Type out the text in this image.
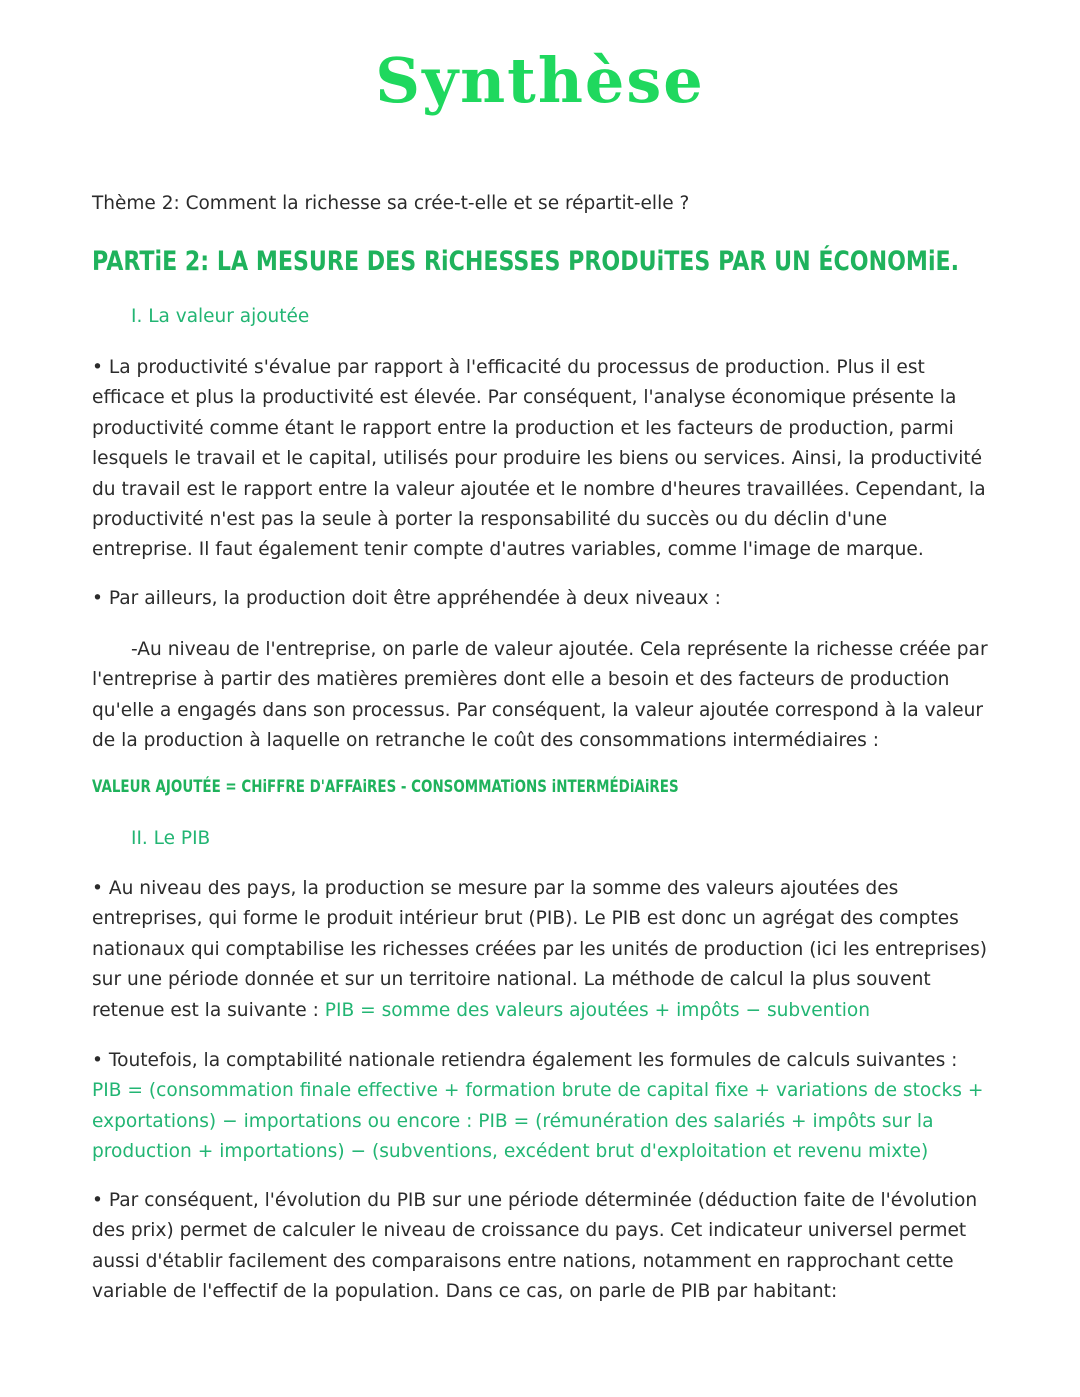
Synthèse
Thème 2: Comment la richesse sa crée-t-elle et se répartit-elle ?
PARTiE 2: LA MESURE DES RiCHESSES PRODUiTES PAR UN ÉCONOMiE.
I. La valeur ajoutée
• La productivité s'évalue par rapport à l'efficacité du processus de production. Plus il est efficace et plus la productivité est élevée. Par conséquent, l'analyse économique présente la productivité comme étant le rapport entre la production et les facteurs de production, parmi lesquels le travail et le capital, utilisés pour produire les biens ou services. Ainsi, la productivité du travail est le rapport entre la valeur ajoutée et le nombre d'heures travaillées. Cependant, la productivité n'est pas la seule à porter la responsabilité du succès ou du déclin d'une entreprise. Il faut également tenir compte d'autres variables, comme l'image de marque.
• Par ailleurs, la production doit être appréhendée à deux niveaux :
-Au niveau de l'entreprise, on parle de valeur ajoutée. Cela représente la richesse créée par l'entreprise à partir des matières premières dont elle a besoin et des facteurs de production qu'elle a engagés dans son processus. Par conséquent, la valeur ajoutée correspond à la valeur de la production à laquelle on retranche le coût des consommations intermédiaires :
VALEUR AJOUTÉE = CHiFFRE D'AFFAiRES - CONSOMMATiONS iNTERMÉDiAiRES
II. Le PIB
• Au niveau des pays, la production se mesure par la somme des valeurs ajoutées des entreprises, qui forme le produit intérieur brut (PIB). Le PIB est donc un agrégat des comptes nationaux qui comptabilise les richesses créées par les unités de production (ici les entreprises) sur une période donnée et sur un territoire national. La méthode de calcul la plus souvent retenue est la suivante : PIB = somme des valeurs ajoutées + impôts − subvention
• Toutefois, la comptabilité nationale retiendra également les formules de calculs suivantes : PIB = (consommation finale effective + formation brute de capital fixe + variations de stocks + exportations) − importations ou encore : PIB = (rémunération des salariés + impôts sur la production + importations) − (subventions, excédent brut d'exploitation et revenu mixte)
• Par conséquent, l'évolution du PIB sur une période déterminée (déduction faite de l'évolution des prix) permet de calculer le niveau de croissance du pays. Cet indicateur universel permet aussi d'établir facilement des comparaisons entre nations, notamment en rapprochant cette variable de l'effectif de la population. Dans ce cas, on parle de PIB par habitant:
